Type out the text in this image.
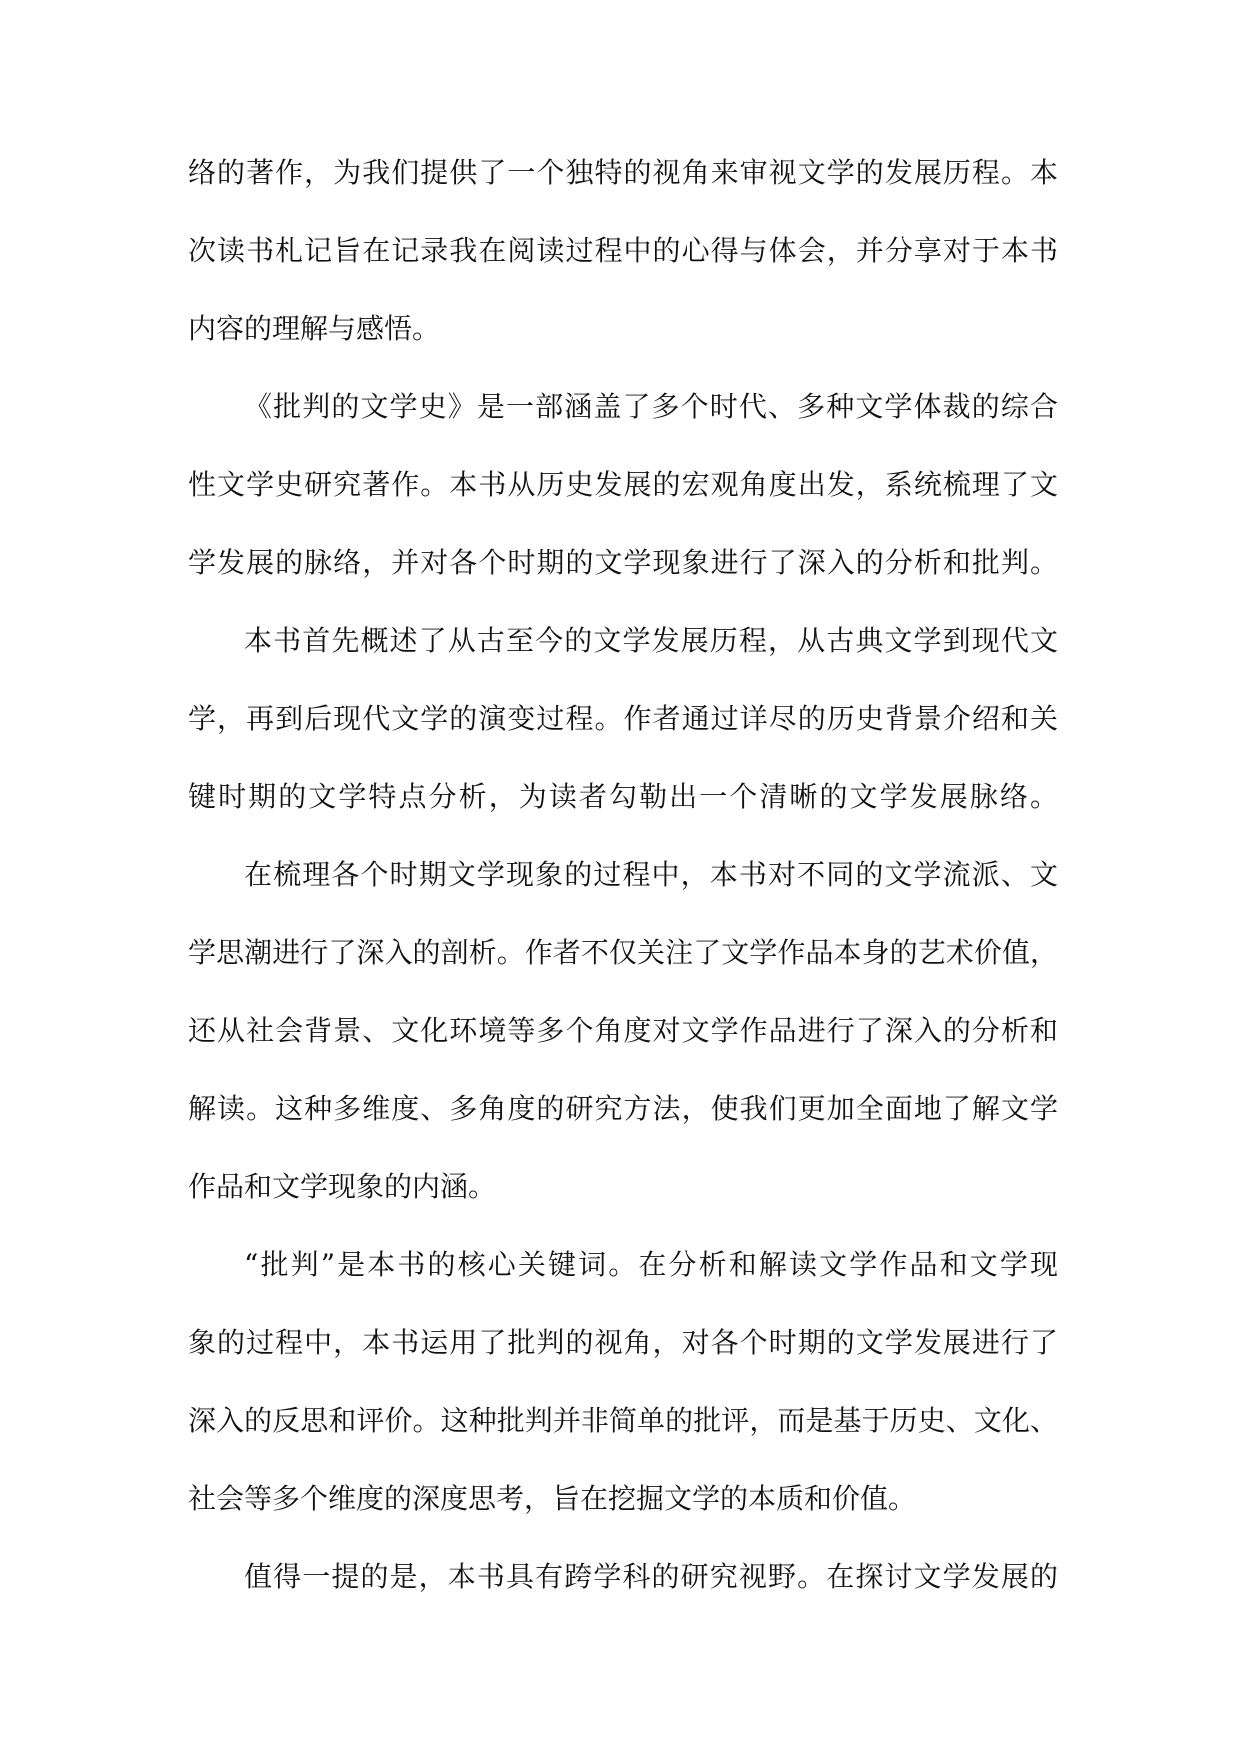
络的著作，为我们提供了一个独特的视角来审视文学的发展历程。本
次读书札记旨在记录我在阅读过程中的心得与体会，并分享对于本书
内容的理解与感悟。
《批判的文学史》是一部涵盖了多个时代、多种文学体裁的综合
性文学史研究著作。本书从历史发展的宏观角度出发，系统梳理了文
学发展的脉络，并对各个时期的文学现象进行了深入的分析和批判。
本书首先概述了从古至今的文学发展历程，从古典文学到现代文
学，再到后现代文学的演变过程。作者通过详尽的历史背景介绍和关
键时期的文学特点分析，为读者勾勒出一个清晰的文学发展脉络。
在梳理各个时期文学现象的过程中，本书对不同的文学流派、文
学思潮进行了深入的剖析。作者不仅关注了文学作品本身的艺术价值，
还从社会背景、文化环境等多个角度对文学作品进行了深入的分析和
解读。这种多维度、多角度的研究方法，使我们更加全面地了解文学
作品和文学现象的内涵。
“批判”是本书的核心关键词。在分析和解读文学作品和文学现
象的过程中，本书运用了批判的视角，对各个时期的文学发展进行了
深入的反思和评价。这种批判并非简单的批评，而是基于历史、文化、
社会等多个维度的深度思考，旨在挖掘文学的本质和价值。
值得一提的是，本书具有跨学科的研究视野。在探讨文学发展的
